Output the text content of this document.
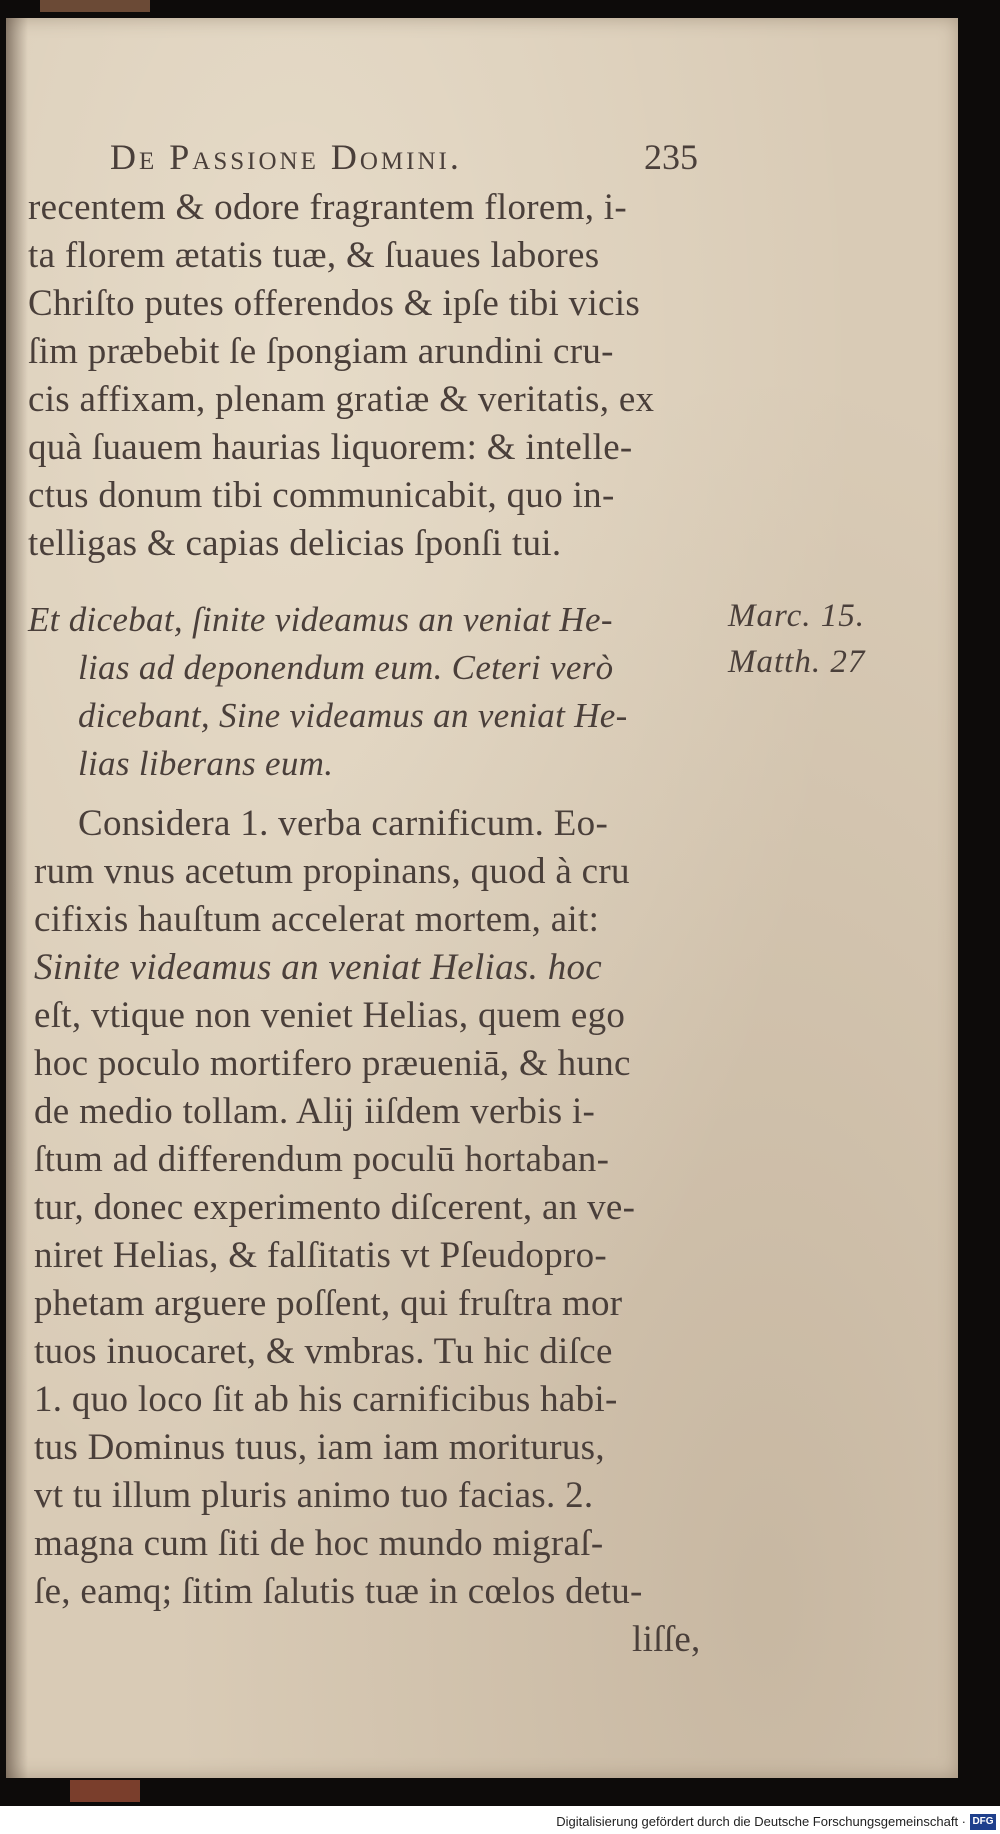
De Passione Domini.	235
recentem & odore fragrantem florem, i-
ta florem ætatis tuæ, & ſuaues labores
Chriſto putes offerendos & ipſe tibi vicis
ſim præbebit ſe ſpongiam arundini cru-
cis affixam, plenam gratiæ & veritatis, ex
quà ſuauem haurias liquorem: & intelle-
ctus donum tibi communicabit, quo in-
telligas & capias delicias ſponſi tui.
Et dicebat, ſinite videamus an veniat He-
lias ad deponendum eum. Ceteri verò
dicebant, Sine videamus an veniat He-
lias liberans eum.
Marc. 15.
Matth. 27
Considera 1. verba carnificum. Eo-
rum vnus acetum propinans, quod à cru
cifixis hauſtum accelerat mortem, ait:
Sinite videamus an veniat Helias. hoc
eſt, vtique non veniet Helias, quem ego
hoc poculo mortifero præueniā, & hunc
de medio tollam. Alij iiſdem verbis i-
ſtum ad differendum poculū hortaban-
tur, donec experimento diſcerent, an ve-
niret Helias, & falſitatis vt Pſeudopro-
phetam arguere poſſent, qui fruſtra mor
tuos inuocaret, & vmbras. Tu hic diſce
1. quo loco ſit ab his carnificibus habi-
tus Dominus tuus, iam iam moriturus,
vt tu illum pluris animo tuo facias. 2.
magna cum ſiti de hoc mundo migraſ-
ſe, eamq; ſitim ſalutis tuæ in cœlos detu-
liſſe,
Digitalisierung gefördert durch die Deutsche Forschungsgemeinschaft · DFG
